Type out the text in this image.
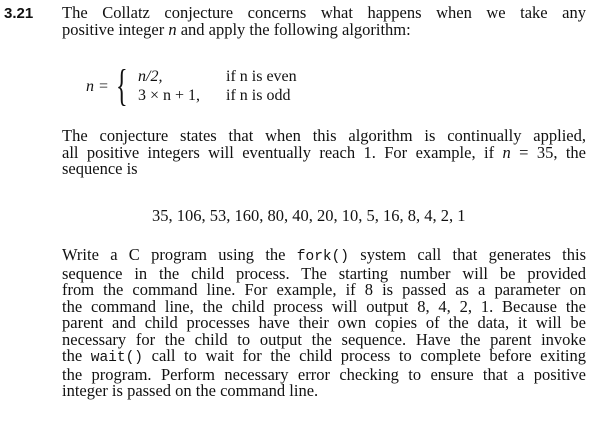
3.21 The Collatz conjecture concerns what happens when we take any
positive integer n and apply the following algorithm:

n = { n/2,	if n is even
3 × n + 1, if n is odd

The conjecture states that when this algorithm is continually applied,
all positive integers will eventually reach 1. For example, if n = 35, the
sequence is

35, 106, 53, 160, 80, 40, 20, 10, 5, 16, 8, 4, 2, 1

Write a C program using the fork() system call that generates this
sequence in the child process. The starting number will be provided
from the command line. For example, if 8 is passed as a parameter on
the command line, the child process will output 8, 4, 2, 1. Because the
parent and child processes have their own copies of the data, it will be
necessary for the child to output the sequence. Have the parent invoke
the wait() call to wait for the child process to complete before exiting
the program. Perform necessary error checking to ensure that a positive
integer is passed on the command line.
